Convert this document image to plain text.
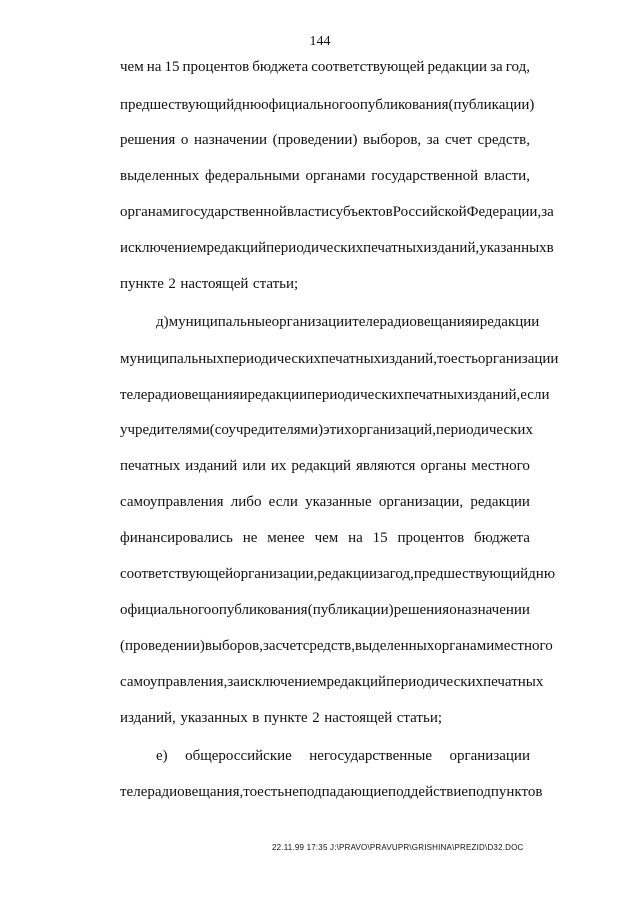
144
чем на 15 процентов бюджета соответствующей редакции за год,
предшествующий дню официального опубликования (публикации)
решения о назначении (проведении) выборов, за счет средств,
выделенных федеральными органами государственной власти,
органами государственной власти субъектов Российской Федерации, за
исключением редакций периодических печатных изданий, указанных в
пункте 2 настоящей статьи;
д) муниципальные организации телерадиовещания и редакции
муниципальных периодических печатных изданий, то есть организации
телерадиовещания и редакции периодических печатных изданий, если
учредителями (соучредителями) этих организаций, периодических
печатных изданий или их редакций являются органы местного
самоуправления либо если указанные организации, редакции
финансировались не менее чем на 15 процентов бюджета
соответствующей организации, редакции за год, предшествующий дню
официального опубликования (публикации) решения о назначении
(проведении) выборов, за счет средств, выделенных органами местного
самоуправления, за исключением редакций периодических печатных
изданий, указанных в пункте 2 настоящей статьи;
е) общероссийские негосударственные организации
телерадиовещания, то есть не подпадающие под действие подпунктов
22.11.99 17:35 J:\PRAVO\PRAVUPR\GRISHINA\PREZID\D32.DOC
